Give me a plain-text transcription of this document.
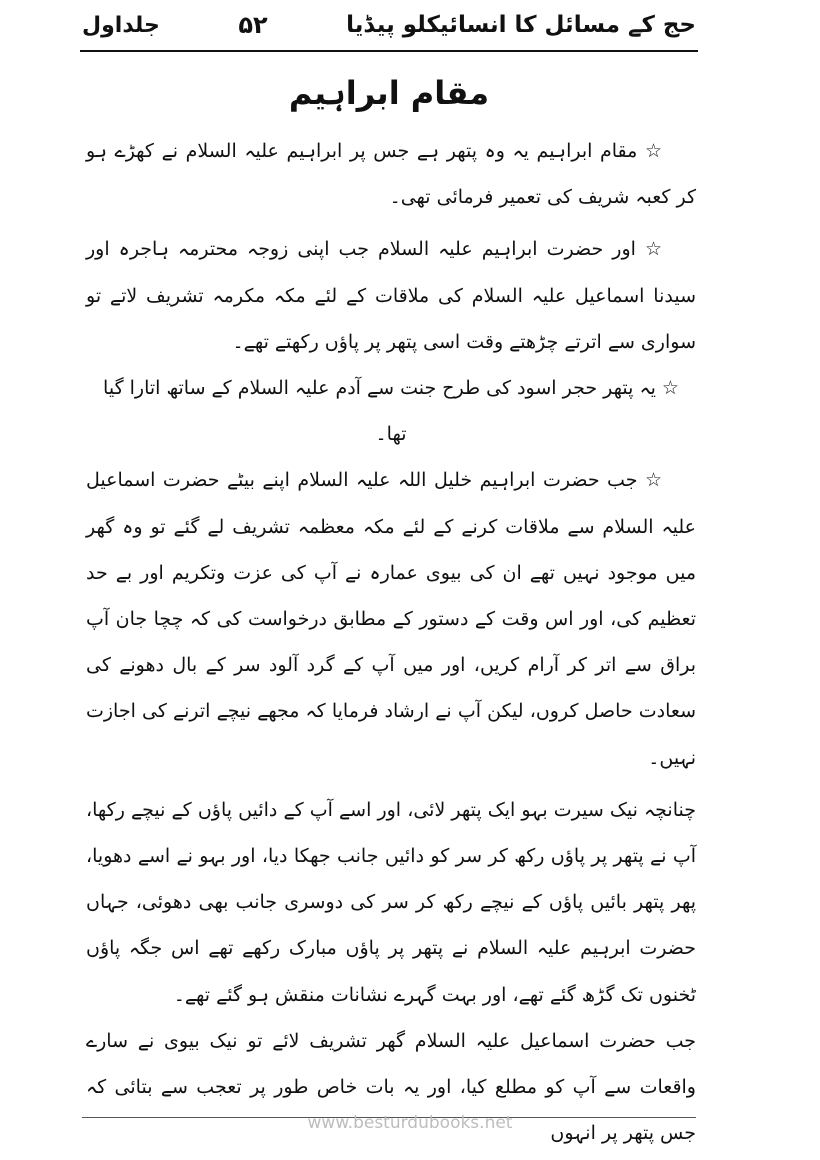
حج کے مسائل کا انسائیکلو پیڈیا
۵۲
جلداول
مقام ابراہیم

☆ مقام ابراہیم یہ وہ پتھر ہے جس پر ابراہیم علیہ السلام نے کھڑے ہو کر کعبہ شریف کی تعمیر فرمائی تھی۔

☆ اور حضرت ابراہیم علیہ السلام جب اپنی زوجہ محترمہ ہاجرہ اور سیدنا اسماعیل علیہ السلام کی ملاقات کے لئے مکہ مکرمہ تشریف لاتے تو سواری سے اترتے چڑھتے وقت اسی پتھر پر پاؤں رکھتے تھے۔

☆ یہ پتھر حجر اسود کی طرح جنت سے آدم علیہ السلام کے ساتھ اتارا گیا تھا۔

☆ جب حضرت ابراہیم خلیل اللہ علیہ السلام اپنے بیٹے حضرت اسماعیل علیہ السلام سے ملاقات کرنے کے لئے مکہ معظمہ تشریف لے گئے تو وہ گھر میں موجود نہیں تھے ان کی بیوی عمارہ نے آپ کی عزت وتکریم اور بے حد تعظیم کی، اور اس وقت کے دستور کے مطابق درخواست کی کہ چچا جان آپ براق سے اتر کر آرام کریں، اور میں آپ کے گرد آلود سر کے بال دھونے کی سعادت حاصل کروں، لیکن آپ نے ارشاد فرمایا کہ مجھے نیچے اترنے کی اجازت نہیں۔

چنانچہ نیک سیرت بہو ایک پتھر لائی، اور اسے آپ کے دائیں پاؤں کے نیچے رکھا، آپ نے پتھر پر پاؤں رکھ کر سر کو دائیں جانب جھکا دیا، اور بہو نے اسے دھویا، پھر پتھر بائیں پاؤں کے نیچے رکھ کر سر کی دوسری جانب بھی دھوئی، جہاں حضرت ابرہیم علیہ السلام نے پتھر پر پاؤں مبارک رکھے تھے اس جگہ پاؤں ٹخنوں تک گڑھ گئے تھے، اور بہت گہرے نشانات منقش ہو گئے تھے۔

جب حضرت اسماعیل علیہ السلام گھر تشریف لائے تو نیک بیوی نے سارے واقعات سے آپ کو مطلع کیا، اور یہ بات خاص طور پر تعجب سے بتائی کہ جس پتھر پر انہوں

www.besturdubooks.net
